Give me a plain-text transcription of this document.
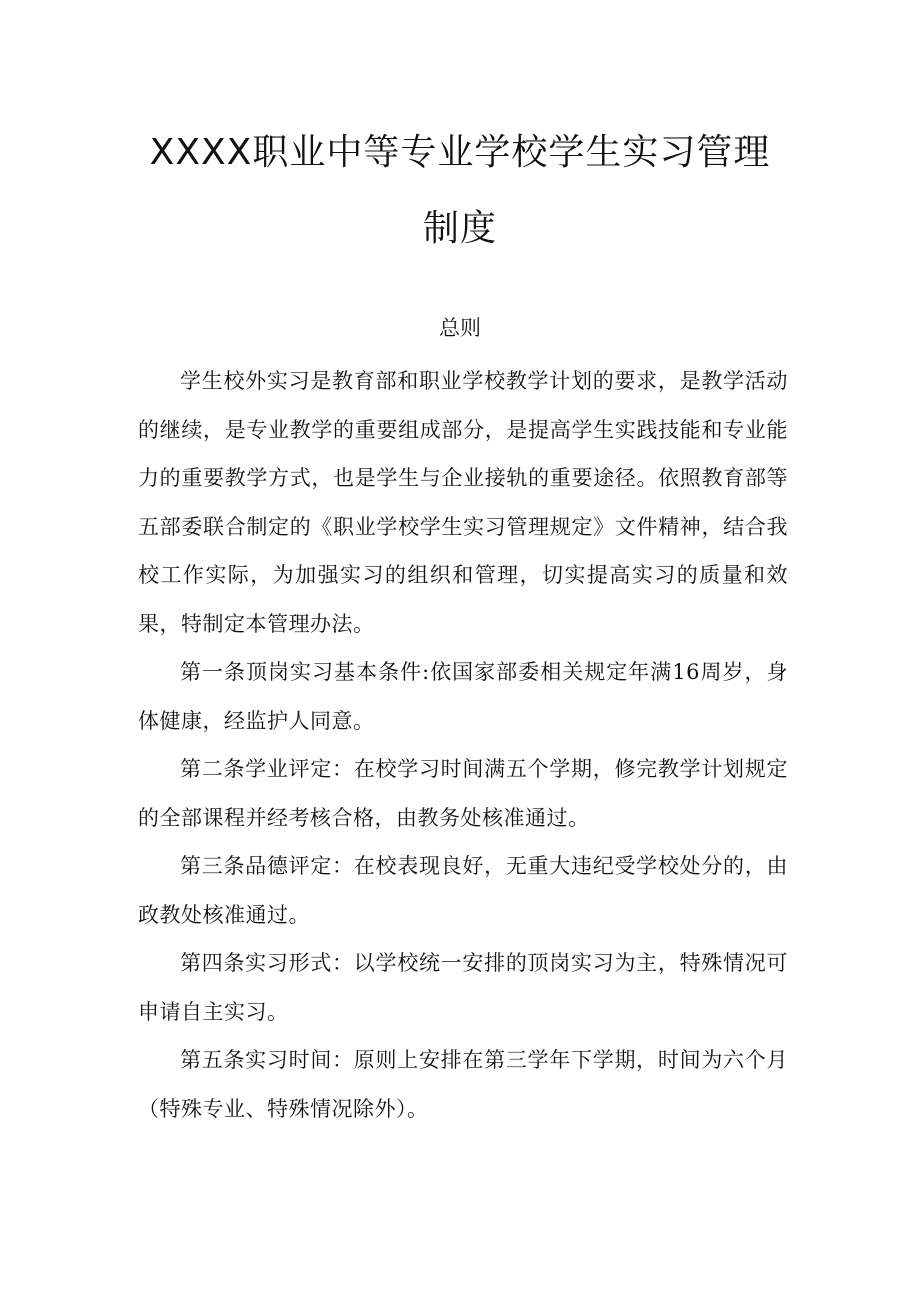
XXXX职业中等专业学校学生实习管理
制度
总则

学生校外实习是教育部和职业学校教学计划的要求，是教学活动的继续，是专业教学的重要组成部分，是提高学生实践技能和专业能力的重要教学方式，也是学生与企业接轨的重要途径。依照教育部等五部委联合制定的《职业学校学生实习管理规定》文件精神，结合我校工作实际，为加强实习的组织和管理，切实提高实习的质量和效果，特制定本管理办法。

第一条顶岗实习基本条件:依国家部委相关规定年满16周岁，身体健康，经监护人同意。

第二条学业评定：在校学习时间满五个学期，修完教学计划规定的全部课程并经考核合格，由教务处核准通过。

第三条品德评定：在校表现良好，无重大违纪受学校处分的，由政教处核准通过。

第四条实习形式：以学校统一安排的顶岗实习为主，特殊情况可申请自主实习。

第五条实习时间：原则上安排在第三学年下学期，时间为六个月（特殊专业、特殊情况除外）。
